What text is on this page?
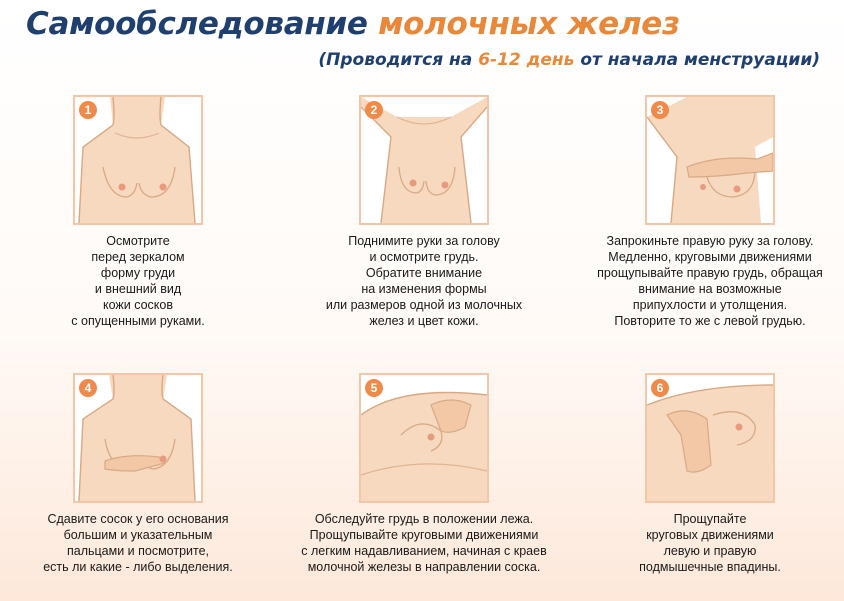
Самообследование молочных желез
(Проводится на 6-12 день от начала менструации)
1
Осмотрите
перед зеркалом
форму груди
и внешний вид
кожи сосков
с опущенными руками.
2
Поднимите руки за голову
и осмотрите грудь.
Обратите внимание
на изменения формы
или размеров одной из молочных
желез и цвет кожи.
3
Запрокиньте правую руку за голову.
Медленно, круговыми движениями
прощупывайте правую грудь, обращая
внимание на возможные
припухлости и утолщения.
Повторите то же с левой грудью.
4
Сдавите сосок у его основания
большим и указательным
пальцами и посмотрите,
есть ли какие - либо выделения.
5
Обследуйте грудь в положении лежа.
Прощупывайте круговыми движениями
с легким надавливанием, начиная с краев
молочной железы в направлении соска.
6
Прощупайте
круговых движениями
левую и правую
подмышечные впадины.
